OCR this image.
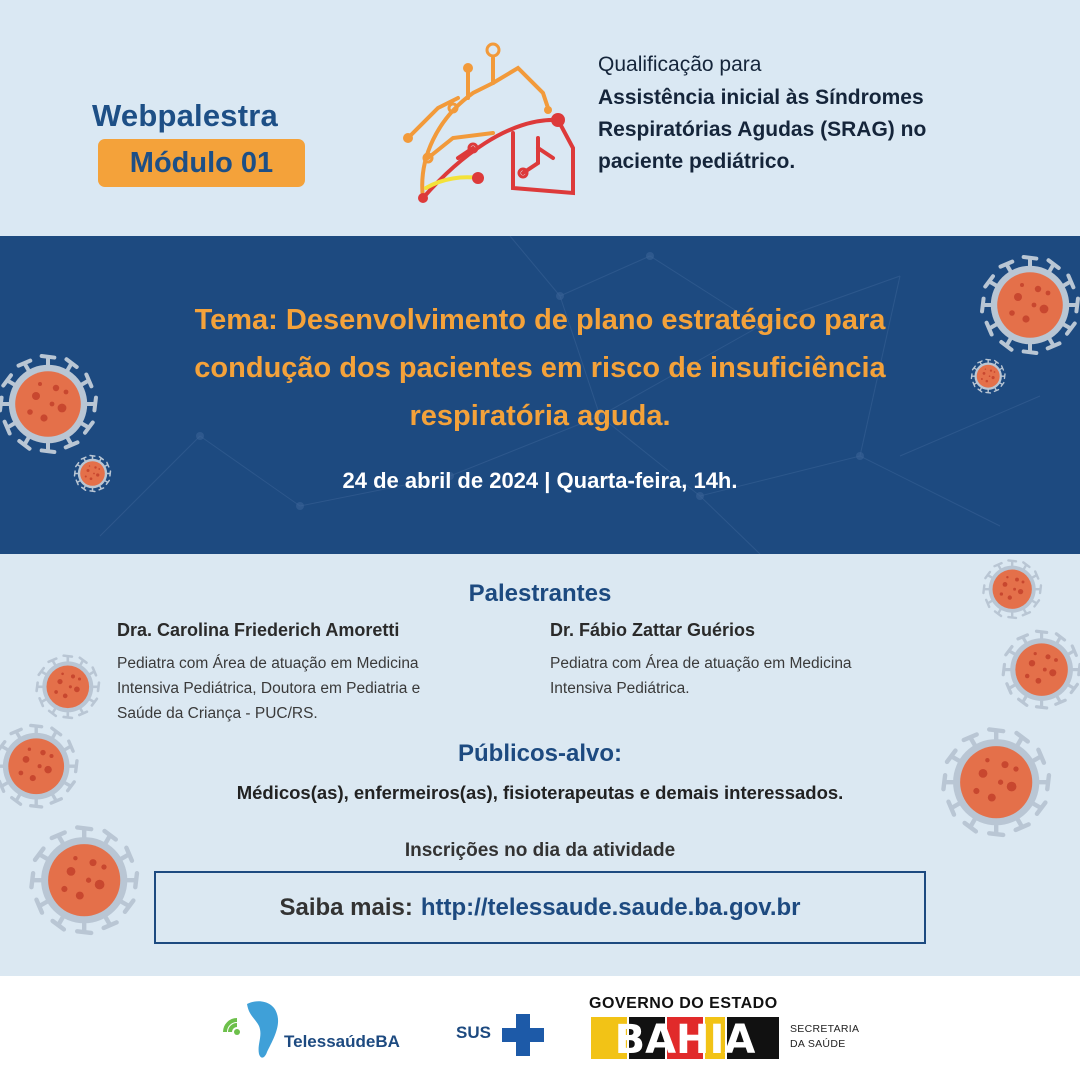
Webpalestra
Módulo 01
Qualificação para
Assistência inicial às Síndromes
Respiratórias Agudas (SRAG) no
paciente pediátrico.
Tema: Desenvolvimento de plano estratégico para
condução dos pacientes em risco de insuficiência
respiratória aguda.
24 de abril de 2024 | Quarta-feira, 14h.
Palestrantes
Dra. Carolina Friederich Amoretti
Pediatra com Área de atuação em Medicina
Intensiva Pediátrica, Doutora em Pediatria e
Saúde da Criança - PUC/RS.
Dr. Fábio Zattar Guérios
Pediatra com Área de atuação em Medicina
Intensiva Pediátrica.
Públicos-alvo:
Médicos(as), enfermeiros(as), fisioterapeutas e demais interessados.
Inscrições no dia da atividade
Saiba mais: http://telessaude.saude.ba.gov.br
TelessaúdeBA	SUS
GOVERNO DO ESTADO
BAHIA	SECRETARIA
DA SAÚDE
